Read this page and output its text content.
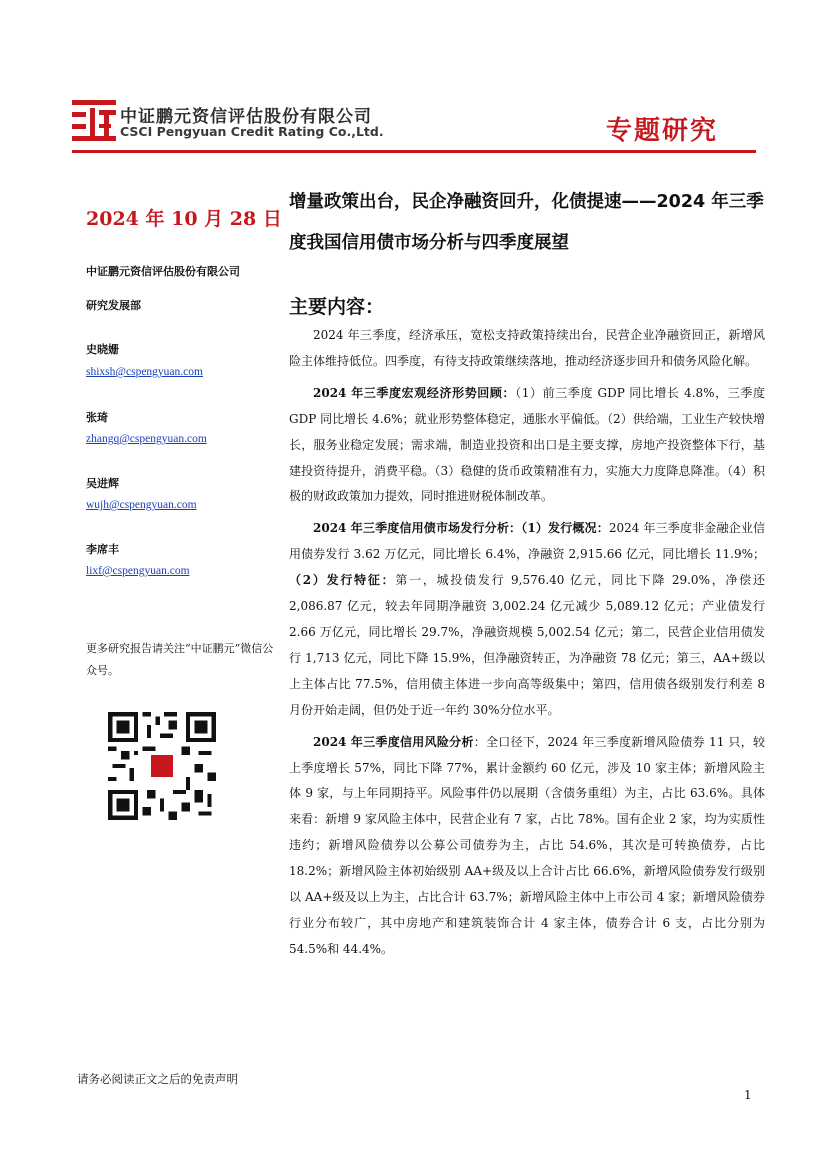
中证鹏元资信评估股份有限公司
CSCI Pengyuan Credit Rating Co.,Ltd.	专题研究
2024 年 10 月 28 日
中证鹏元资信评估股份有限公司
研究发展部
史晓姗
shixsh@cspengyuan.com
张琦
zhangq@cspengyuan.com
吴进辉
wujh@cspengyuan.com
李席丰
lixf@cspengyuan.com
更多研究报告请关注“中证鹏元”微信公众号。
增量政策出台，民企净融资回升，化债提速——2024 年三季度我国信用债市场分析与四季度展望
主要内容：

2024 年三季度，经济承压，宽松支持政策持续出台，民营企业净融资回正，新增风险主体维持低位。四季度，有待支持政策继续落地，推动经济逐步回升和债务风险化解。

2024 年三季度宏观经济形势回顾：（1）前三季度 GDP 同比增长 4.8%，三季度 GDP 同比增长 4.6%；就业形势整体稳定，通胀水平偏低。（2）供给端，工业生产较快增长，服务业稳定发展；需求端，制造业投资和出口是主要支撑，房地产投资整体下行，基建投资待提升，消费平稳。（3）稳健的货币政策精准有力，实施大力度降息降准。（4）积极的财政政策加力提效，同时推进财税体制改革。

2024 年三季度信用债市场发行分析：（1）发行概况：2024 年三季度非金融企业信用债券发行 3.62 万亿元，同比增长 6.4%，净融资 2,915.66 亿元，同比增长 11.9%；（2）发行特征：第一，城投债发行 9,576.40 亿元，同比下降 29.0%，净偿还 2,086.87 亿元，较去年同期净融资 3,002.24 亿元减少 5,089.12 亿元；产业债发行 2.66 万亿元，同比增长 29.7%，净融资规模 5,002.54 亿元；第二，民营企业信用债发行 1,713 亿元，同比下降 15.9%，但净融资转正，为净融资 78 亿元；第三，AA+级以上主体占比 77.5%，信用债主体进一步向高等级集中；第四，信用债各级别发行利差 8 月份开始走阔，但仍处于近一年约 30%分位水平。

2024 年三季度信用风险分析：全口径下，2024 年三季度新增风险债券 11 只，较上季度增长 57%，同比下降 77%，累计金额约 60 亿元，涉及 10 家主体；新增风险主体 9 家，与上年同期持平。风险事件仍以展期（含债务重组）为主，占比 63.6%。具体来看：新增 9 家风险主体中，民营企业有 7 家，占比 78%。国有企业 2 家，均为实质性违约；新增风险债券以公募公司债券为主，占比 54.6%，其次是可转换债券，占比 18.2%；新增风险主体初始级别 AA+级及以上合计占比 66.6%，新增风险债券发行级别以 AA+级及以上为主，占比合计 63.7%；新增风险主体中上市公司 4 家；新增风险债券行业分布较广，其中房地产和建筑装饰合计 4 家主体，债券合计 6 支，占比分别为 54.5%和 44.4%。

请务必阅读正文之后的免责声明
1
